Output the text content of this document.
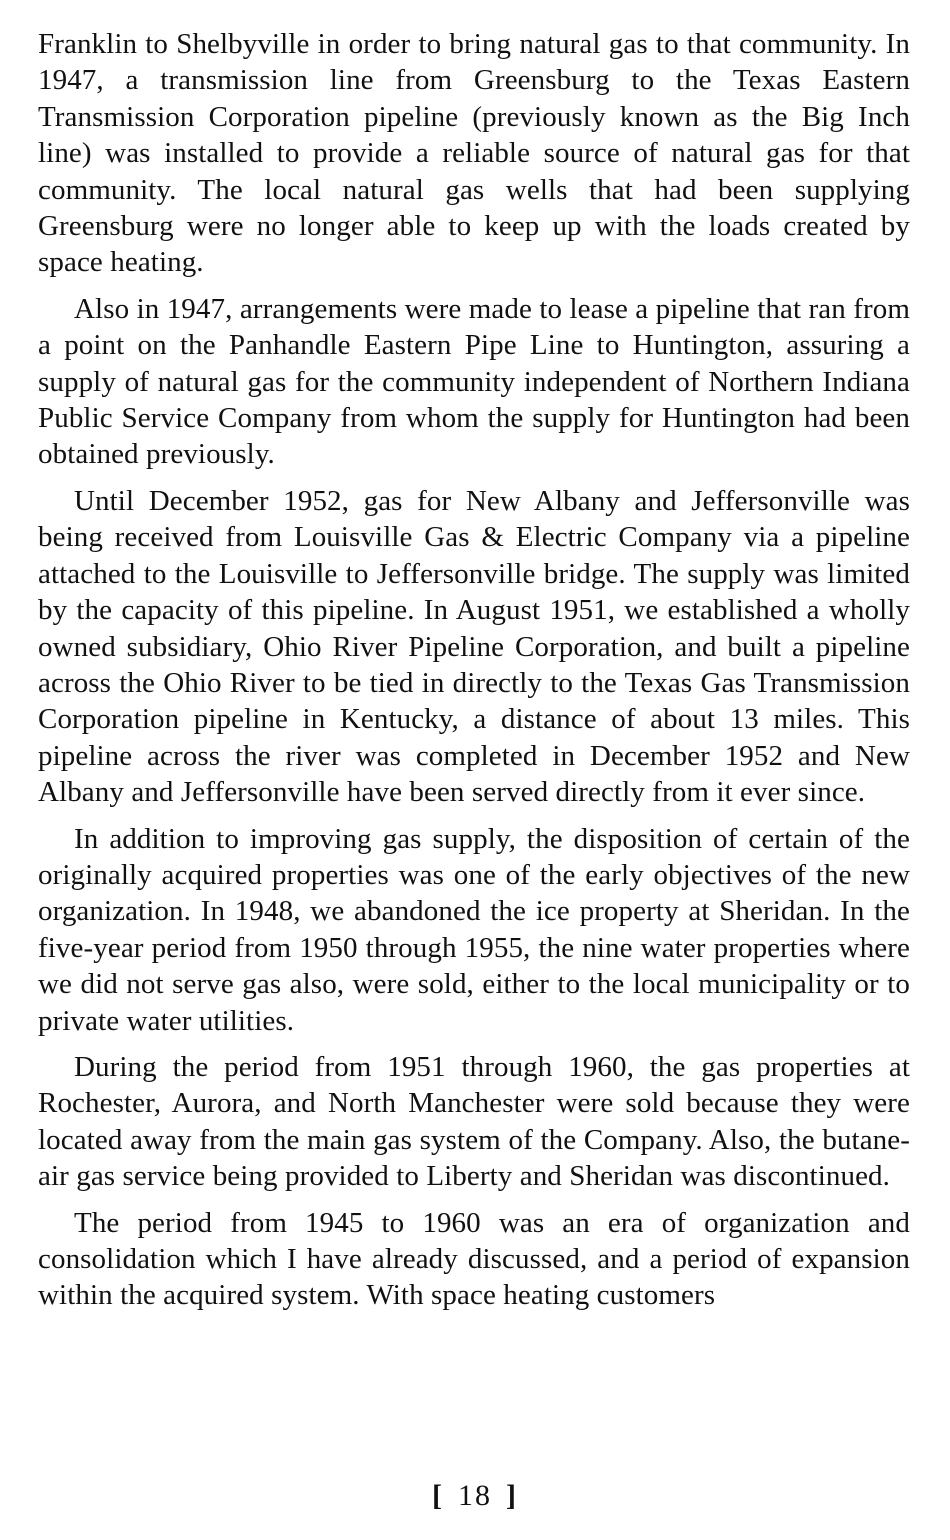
Franklin to Shelbyville in order to bring natural gas to that community. In 1947, a transmission line from Greensburg to the Texas Eastern Transmission Corporation pipeline (previously known as the Big Inch line) was installed to provide a reliable source of natural gas for that community. The local natural gas wells that had been supplying Greensburg were no longer able to keep up with the loads created by space heating.

Also in 1947, arrangements were made to lease a pipeline that ran from a point on the Panhandle Eastern Pipe Line to Huntington, assuring a supply of natural gas for the community independent of Northern Indiana Public Service Company from whom the supply for Huntington had been obtained previously.

Until December 1952, gas for New Albany and Jeffersonville was being received from Louisville Gas & Electric Company via a pipeline attached to the Louisville to Jeffersonville bridge. The supply was limited by the capacity of this pipeline. In August 1951, we established a wholly owned subsidiary, Ohio River Pipeline Corporation, and built a pipeline across the Ohio River to be tied in directly to the Texas Gas Transmission Corporation pipeline in Kentucky, a distance of about 13 miles. This pipeline across the river was completed in December 1952 and New Albany and Jeffersonville have been served directly from it ever since.

In addition to improving gas supply, the disposition of certain of the originally acquired properties was one of the early objectives of the new organization. In 1948, we abandoned the ice property at Sheridan. In the five-year period from 1950 through 1955, the nine water properties where we did not serve gas also, were sold, either to the local municipality or to private water utilities.

During the period from 1951 through 1960, the gas properties at Rochester, Aurora, and North Manchester were sold because they were located away from the main gas system of the Company. Also, the butane-air gas service being provided to Liberty and Sheridan was discontinued.

The period from 1945 to 1960 was an era of organization and consolidation which I have already discussed, and a period of expansion within the acquired system. With space heating customers

[ 18 ]
